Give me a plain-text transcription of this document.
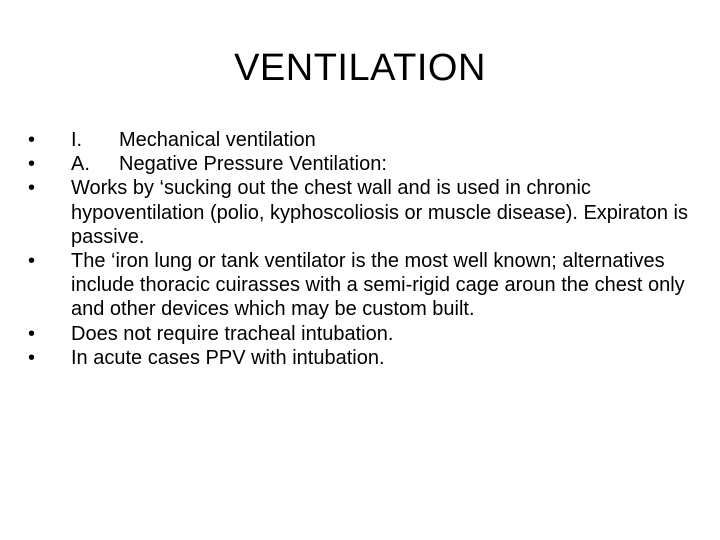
VENTILATION
•	I. Mechanical ventilation
•	A. Negative Pressure Ventilation:
•	Works by ‘sucking out the chest wall and is used in chronic hypoventilation (polio, kyphoscoliosis or muscle disease). Expiraton is passive.
•	The ‘iron lung or tank ventilator is the most well known; alternatives include thoracic cuirasses with a semi-rigid cage aroun the chest only and other devices which may be custom built.
•	Does not require tracheal intubation.
•	In acute cases PPV with intubation.
